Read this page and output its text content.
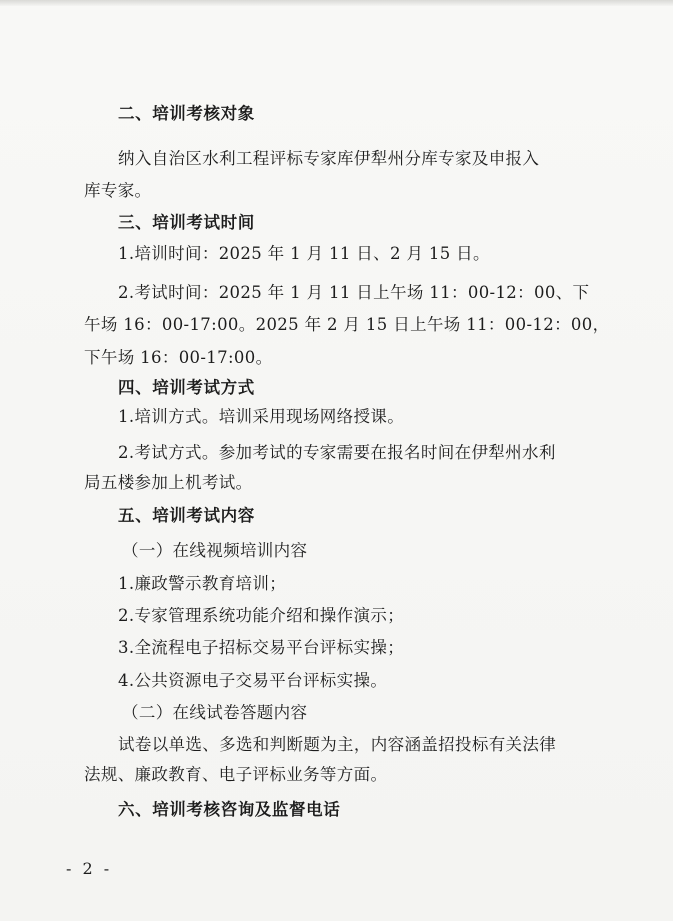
二、培训考核对象
纳入自治区水利工程评标专家库伊犁州分库专家及申报入
库专家。
三、培训考试时间
1.培训时间：2025 年 1 月 11 日、2 月 15 日。
2.考试时间：2025 年 1 月 11 日上午场 11：00-12：00、下
午场 16：00-17:00。2025 年 2 月 15 日上午场 11：00-12：00，
下午场 16：00-17:00。
四、培训考试方式
1.培训方式。培训采用现场网络授课。
2.考试方式。参加考试的专家需要在报名时间在伊犁州水利
局五楼参加上机考试。
五、培训考试内容
（一）在线视频培训内容
1.廉政警示教育培训；
2.专家管理系统功能介绍和操作演示；
3.全流程电子招标交易平台评标实操；
4.公共资源电子交易平台评标实操。
（二）在线试卷答题内容
试卷以单选、多选和判断题为主，内容涵盖招投标有关法律
法规、廉政教育、电子评标业务等方面。
六、培训考核咨询及监督电话
- 2 -
